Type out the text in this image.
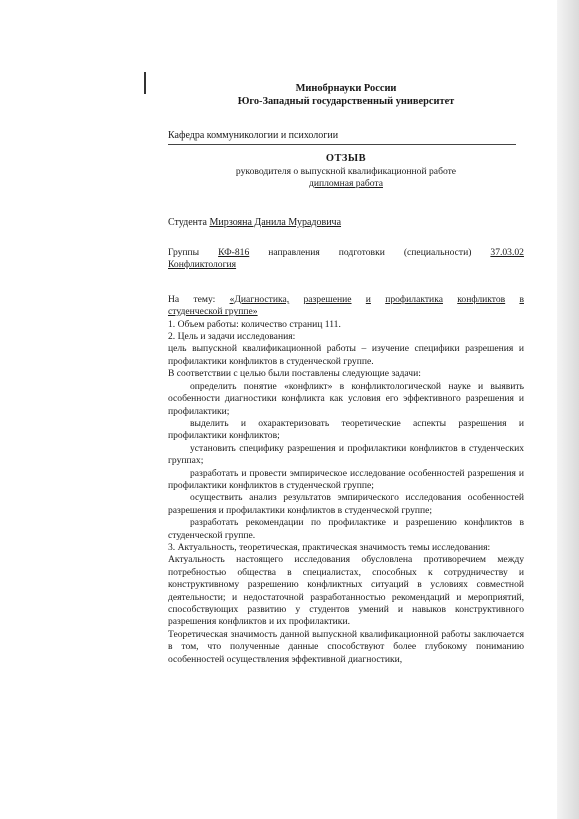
Минобрнауки России

Юго-Западный государственный университет

Кафедра коммуникологии и психологии

ОТЗЫВ

руководителя о выпускной квалификационной работе

дипломная работа

Студента Мирзояна Данила Мурадовича

Группы КФ-816 направления подготовки (специальности) 37.03.02

Конфликтология

На тему: «Диагностика, разрешение и профилактика конфликтов в

студенческой группе»

1. Объем работы: количество страниц 111.

2. Цель и задачи исследования:

цель выпускной квалификационной работы – изучение специфики разрешения и профилактики конфликтов в студенческой группе.

В соответствии с целью были поставлены следующие задачи:

определить понятие «конфликт» в конфликтологической науке и выявить особенности диагностики конфликта как условия его эффективного разрешения и профилактики;

выделить и охарактеризовать теоретические аспекты разрешения и профилактики конфликтов;

установить специфику разрешения и профилактики конфликтов в студенческих группах;

разработать и провести эмпирическое исследование особенностей разрешения и профилактики конфликтов в студенческой группе;

осуществить анализ результатов эмпирического исследования особенностей разрешения и профилактики конфликтов в студенческой группе;

разработать рекомендации по профилактике и разрешению конфликтов в студенческой группе.

3. Актуальность, теоретическая, практическая значимость темы исследования:

Актуальность настоящего исследования обусловлена противоречием между потребностью общества в специалистах, способных к сотрудничеству и конструктивному разрешению конфликтных ситуаций в условиях совместной деятельности; и недостаточной разработанностью рекомендаций и мероприятий, способствующих развитию у студентов умений и навыков конструктивного разрешения конфликтов и их профилактики.

Теоретическая значимость данной выпускной квалификационной работы заключается в том, что полученные данные способствуют более глубокому пониманию особенностей осуществления эффективной диагностики,
